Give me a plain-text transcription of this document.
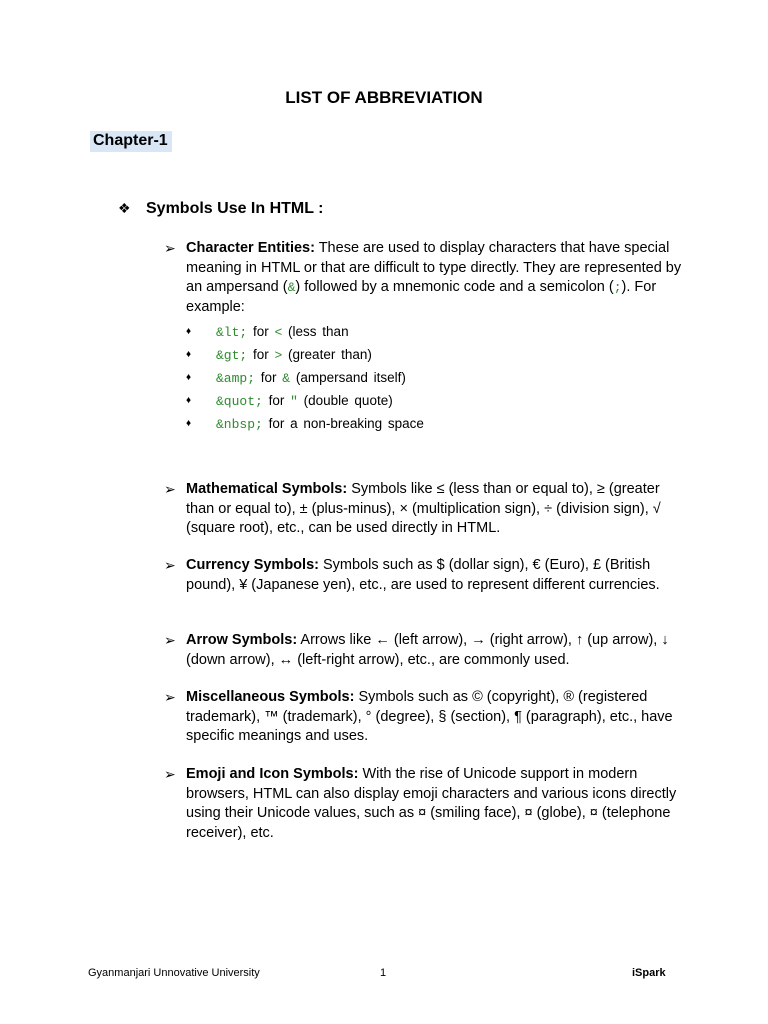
LIST OF ABBREVIATION
Chapter-1
❖ Symbols Use In HTML :
➢ Character Entities: These are used to display characters that have special meaning in HTML or that are difficult to type directly. They are represented by an ampersand (&) followed by a mnemonic code and a semicolon (;). For example:
♦ &lt; for < (less than
♦ &gt; for > (greater than)
♦ &amp; for & (ampersand itself)
♦ &quot; for " (double quote)
♦ &nbsp; for a non-breaking space
➢ Mathematical Symbols: Symbols like ≤ (less than or equal to), ≥ (greater than or equal to), ± (plus-minus), × (multiplication sign), ÷ (division sign), √ (square root), etc., can be used directly in HTML.
➢ Currency Symbols: Symbols such as $ (dollar sign), € (Euro), £ (British pound), ¥ (Japanese yen), etc., are used to represent different currencies.
➢ Arrow Symbols: Arrows like ← (left arrow), → (right arrow), ↑ (up arrow), ↓ (down arrow), ↔ (left-right arrow), etc., are commonly used.
➢ Miscellaneous Symbols: Symbols such as © (copyright), ® (registered trademark), ™ (trademark), ° (degree), § (section), ¶ (paragraph), etc., have specific meanings and uses.
➢ Emoji and Icon Symbols: With the rise of Unicode support in modern browsers, HTML can also display emoji characters and various icons directly using their Unicode values, such as ¤ (smiling face), ¤ (globe), ¤ (telephone receiver), etc.
Gyanmanjari Unnovative University	1	iSpark
